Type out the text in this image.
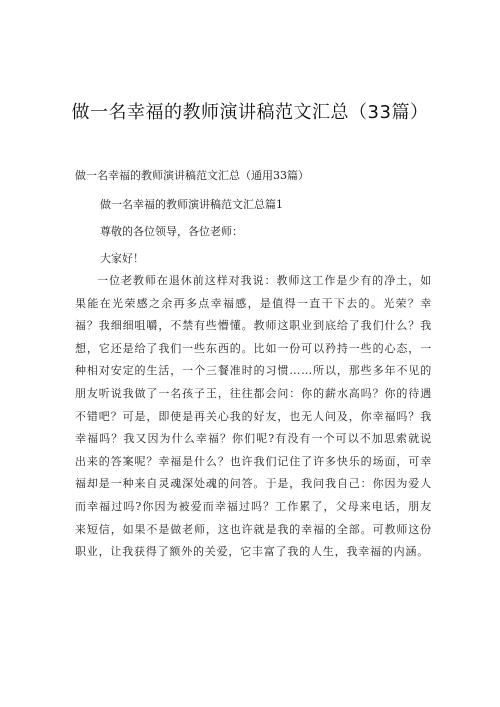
做一名幸福的教师演讲稿范文汇总（33篇）
做一名幸福的教师演讲稿范文汇总（通用33篇）
做一名幸福的教师演讲稿范文汇总篇1
尊敬的各位领导，各位老师：
大家好！

一位老教师在退休前这样对我说：教师这工作是少有的净土，如果能在光荣感之余再多点幸福感，是值得一直干下去的。光荣？幸福？我细细咀嚼，不禁有些懵懂。教师这职业到底给了我们什么？我想，它还是给了我们一些东西的。比如一份可以矜持一些的心态，一种相对安定的生活，一个三餐准时的习惯……所以，那些多年不见的朋友听说我做了一名孩子王，往往都会问：你的薪水高吗？你的待遇不错吧？可是，即使是再关心我的好友，也无人问及，你幸福吗？我幸福吗？我又因为什么幸福？你们呢?有没有一个可以不加思索就说出来的答案呢？幸福是什么？也许我们记住了许多快乐的场面，可幸福却是一种来自灵魂深处魂的问答。于是，我问我自己：你因为爱人而幸福过吗?你因为被爱而幸福过吗？工作累了，父母来电话，朋友来短信，如果不是做老师，这也许就是我的幸福的全部。可教师这份职业，让我获得了额外的关爱，它丰富了我的人生，我幸福的内涵。
